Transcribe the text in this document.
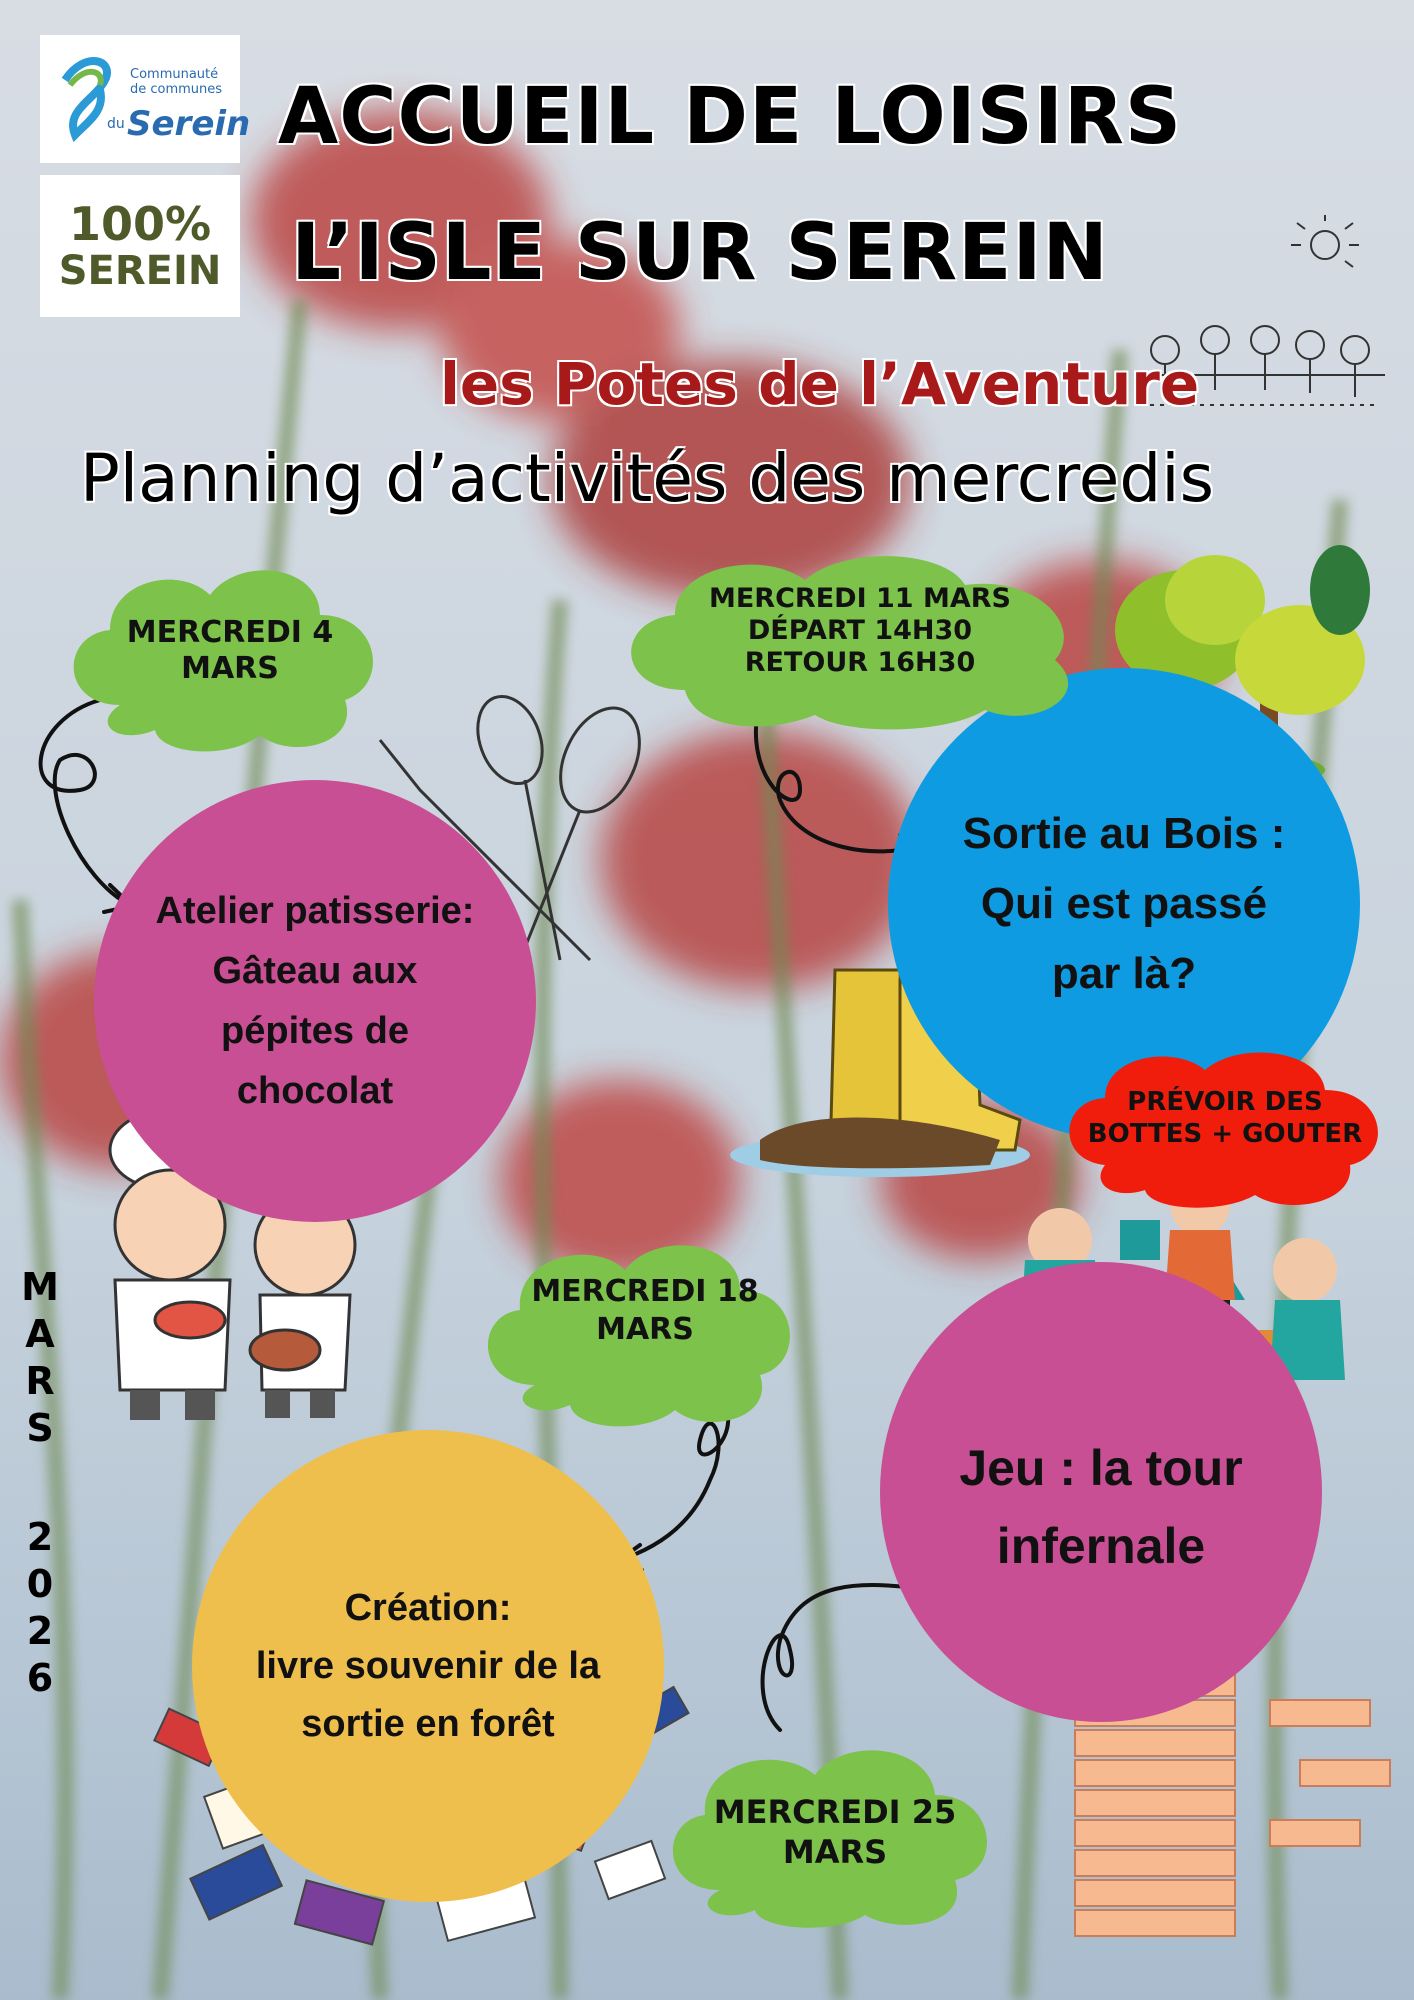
Communauté
de communes
du Serein
100%
SEREIN
ACCUEIL DE LOISIRS
L’ISLE SUR SEREIN
les Potes de l’Aventure
Planning d’activités des mercredis
Atelier patisserie:
Gâteau aux
pépites de
chocolat
Sortie au Bois :
Qui est passé
par là?
Création:
livre souvenir de la
sortie en forêt
Jeu : la tour
infernale
MERCREDI 4
MARS
MERCREDI 11 MARS
DÉPART 14H30
RETOUR 16H30
PRÉVOIR DES
BOTTES + GOUTER
MERCREDI 18
MARS
MERCREDI 25
MARS
M
A
R
S
2
0
2
6
